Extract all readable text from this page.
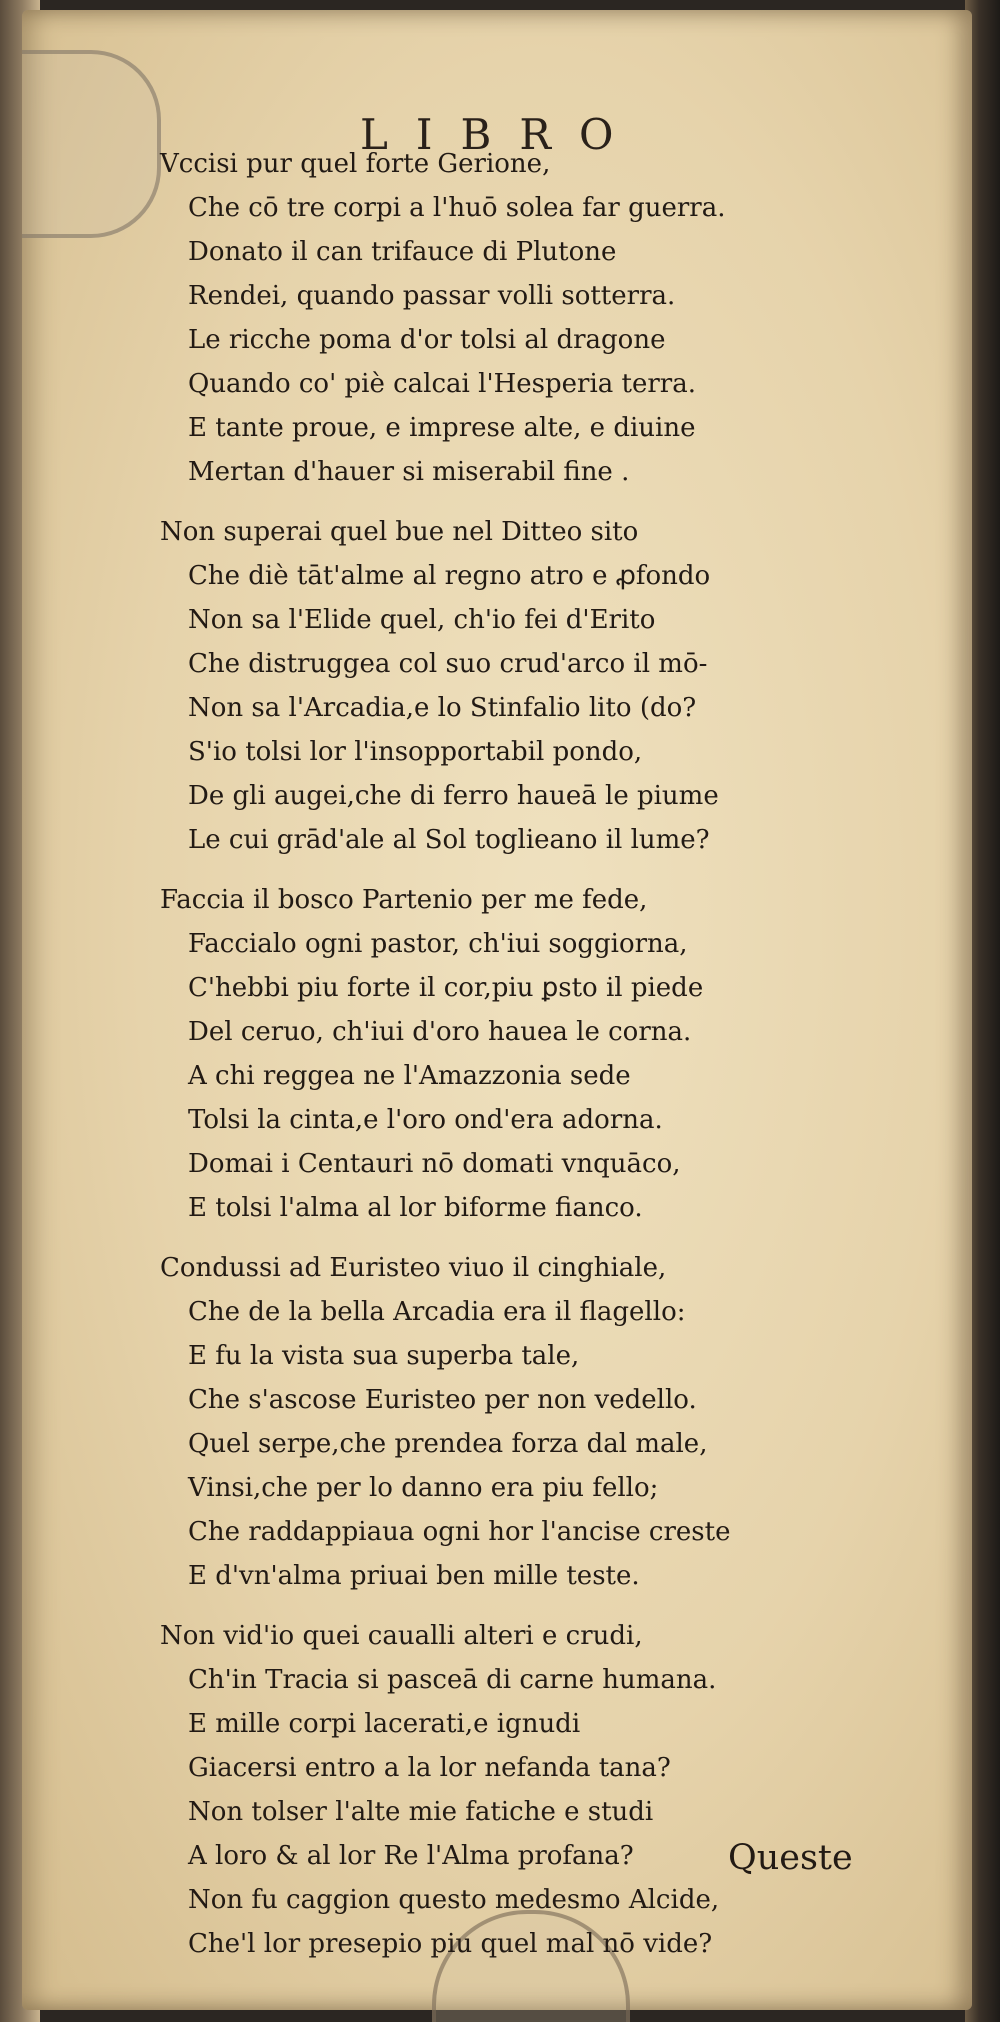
LIBRO
Vccisi pur quel forte Gerione,
Che cō tre corpi a l'huō solea far guerra.
Donato il can trifauce di Plutone
Rendei, quando passar volli sotterra.
Le ricche poma d'or tolsi al dragone
Quando co' piè calcai l'Hesperia terra.
E tante proue, e imprese alte, e diuine
Mertan d'hauer si miserabil fine .
Non superai quel bue nel Ditteo sito
Che diè tāt'alme al regno atro e ꝓfondo
Non sa l'Elide quel, ch'io fei d'Erito
Che distruggea col suo crud'arco il mō-
Non sa l'Arcadia,e lo Stinfalio lito (do?
S'io tolsi lor l'insopportabil pondo,
De gli augei,che di ferro haueā le piume
Le cui grād'ale al Sol toglieano il lume?
Faccia il bosco Partenio per me fede,
Faccialo ogni pastor, ch'iui soggiorna,
C'hebbi piu forte il cor,piu ꝑsto il piede
Del ceruo, ch'iui d'oro hauea le corna.
A chi reggea ne l'Amazzonia sede
Tolsi la cinta,e l'oro ond'era adorna.
Domai i Centauri nō domati vnquāco,
E tolsi l'alma al lor biforme fianco.
Condussi ad Euristeo viuo il cinghiale,
Che de la bella Arcadia era il flagello:
E fu la vista sua superba tale,
Che s'ascose Euristeo per non vedello.
Quel serpe,che prendea forza dal male,
Vinsi,che per lo danno era piu fello;
Che raddappiaua ogni hor l'ancise creste
E d'vn'alma priuai ben mille teste.
Non vid'io quei caualli alteri e crudi,
Ch'in Tracia si pasceā di carne humana.
E mille corpi lacerati,e ignudi
Giacersi entro a la lor nefanda tana?
Non tolser l'alte mie fatiche e studi
A loro & al lor Re l'Alma profana?
Non fu caggion questo medesmo Alcide,
Che'l lor presepio piu quel mal nō vide?
Queste
